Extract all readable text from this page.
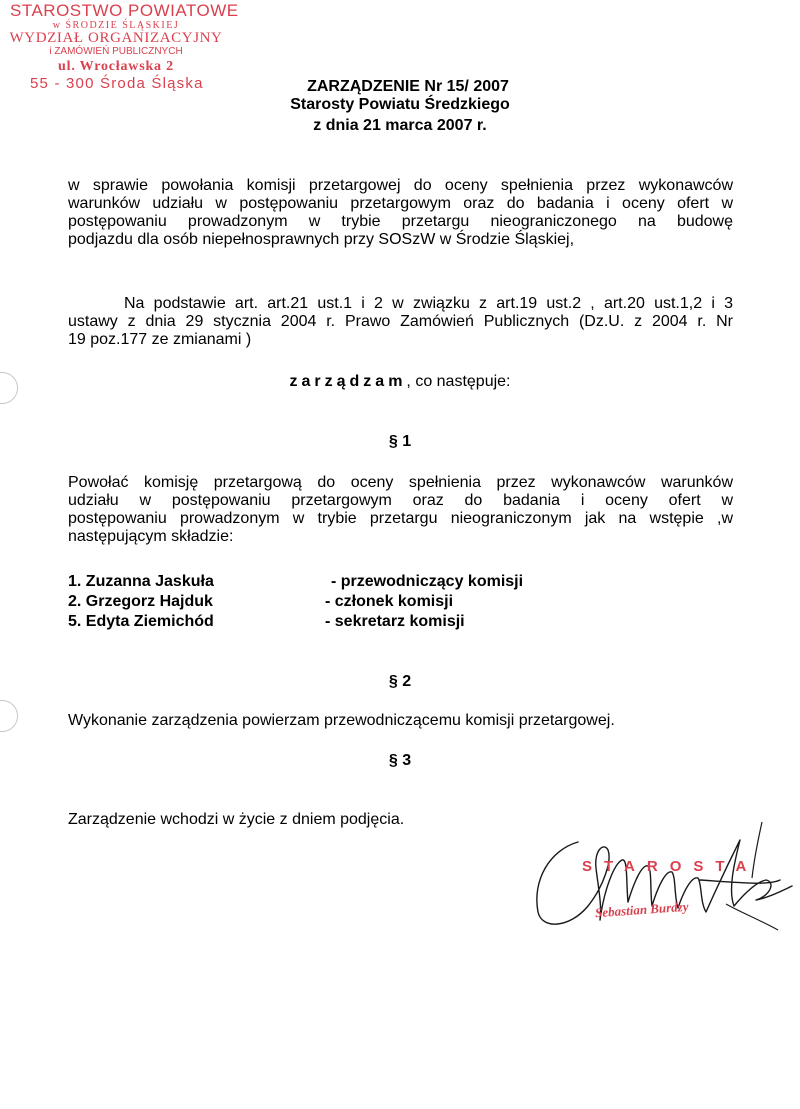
STAROSTWO POWIATOWE
w ŚRODZIE ŚLĄSKIEJ
WYDZIAŁ ORGANIZACYJNY
i ZAMÓWIEŃ PUBLICZNYCH
ul. Wrocławska 2
55 - 300 Środa Śląska	ZARZĄDZENIE Nr 15/ 2007
Starosty Powiatu Średzkiego
z dnia 21 marca 2007 r.
w sprawie powołania komisji przetargowej do oceny spełnienia przez wykonawców
warunków udziału w postępowaniu przetargowym oraz do badania i oceny ofert w
postępowaniu prowadzonym w trybie przetargu nieograniczonego na budowę
podjazdu dla osób niepełnosprawnych przy SOSzW w Środzie Śląskiej,
Na podstawie art. art.21 ust.1 i 2 w związku z art.19 ust.2 , art.20 ust.1,2 i 3
ustawy z dnia 29 stycznia 2004 r. Prawo Zamówień Publicznych (Dz.U. z 2004 r. Nr
19 poz.177 ze zmianami )
zarządzam, co następuje:
§ 1
Powołać komisję przetargową do oceny spełnienia przez wykonawców warunków
udziału w postępowaniu przetargowym oraz do badania i oceny ofert w
postępowaniu prowadzonym w trybie przetargu nieograniczonym jak na wstępie ,w
następującym składzie:
1. Zuzanna Jaskuła	- przewodniczący komisji
2. Grzegorz Hajduk	- członek komisji
5. Edyta Ziemichód	- sekretarz komisji
§ 2
Wykonanie zarządzenia powierzam przewodniczącemu komisji przetargowej.
§ 3
Zarządzenie wchodzi w życie z dniem podjęcia.
STAROSTA
Sebastian Burdzy
